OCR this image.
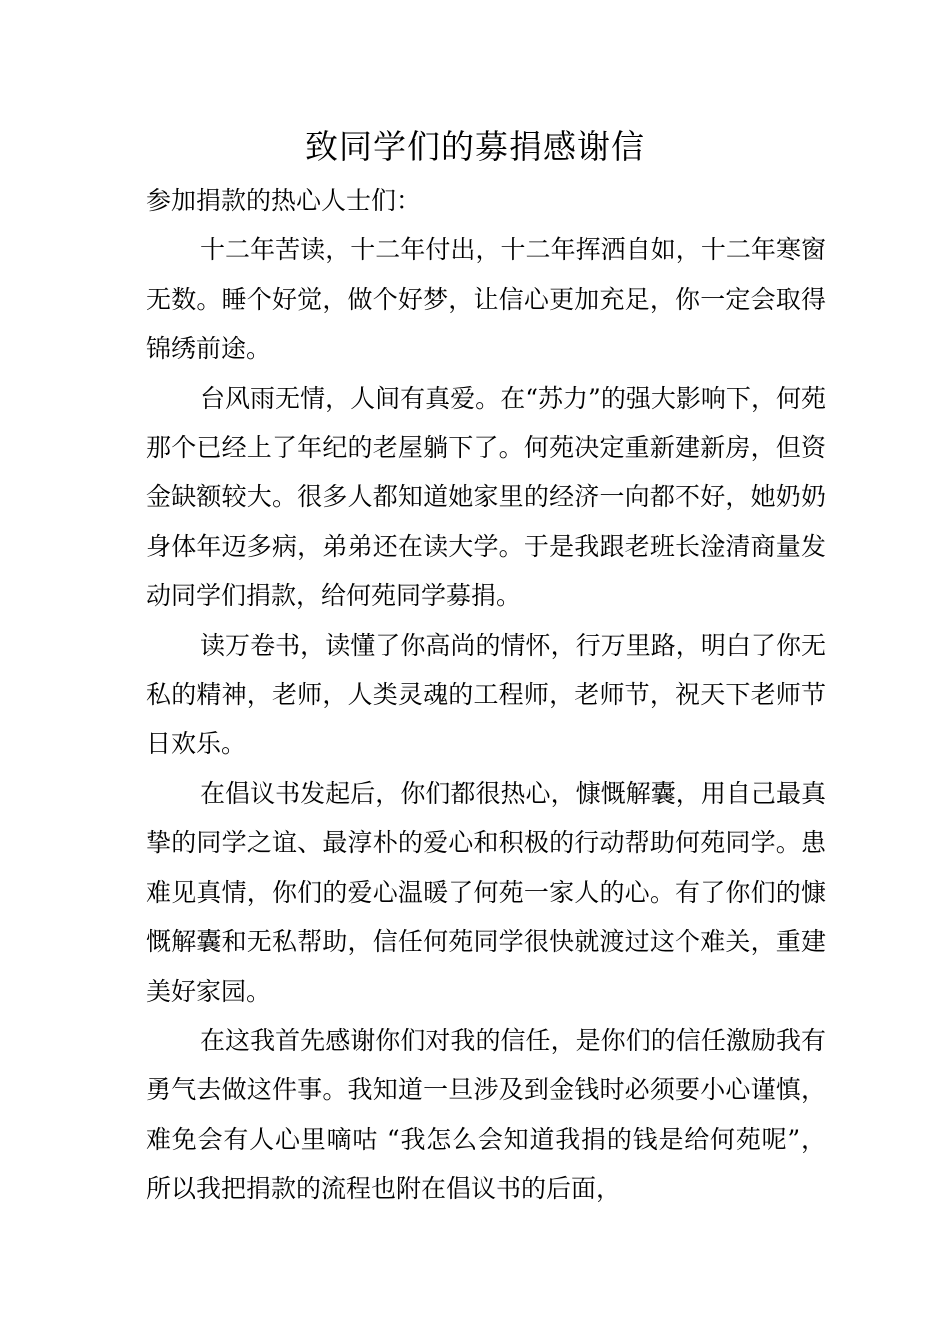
致同学们的募捐感谢信

参加捐款的热心人士们：

十二年苦读，十二年付出，十二年挥洒自如，十二年寒窗无数。睡个好觉，做个好梦，让信心更加充足，你一定会取得锦绣前途。

台风雨无情，人间有真爱。在“苏力”的强大影响下，何苑那个已经上了年纪的老屋躺下了。何苑决定重新建新房，但资金缺额较大。很多人都知道她家里的经济一向都不好，她奶奶身体年迈多病，弟弟还在读大学。于是我跟老班长淦清商量发动同学们捐款，给何苑同学募捐。

读万卷书，读懂了你高尚的情怀，行万里路，明白了你无私的精神，老师，人类灵魂的工程师，老师节，祝天下老师节日欢乐。

在倡议书发起后，你们都很热心，慷慨解囊，用自己最真挚的同学之谊、最淳朴的爱心和积极的行动帮助何苑同学。患难见真情，你们的爱心温暖了何苑一家人的心。有了你们的慷慨解囊和无私帮助，信任何苑同学很快就渡过这个难关，重建美好家园。

在这我首先感谢你们对我的信任，是你们的信任激励我有勇气去做这件事。我知道一旦涉及到金钱时必须要小心谨慎，难免会有人心里嘀咕 “我怎么会知道我捐的钱是给何苑呢”，所以我把捐款的流程也附在倡议书的后面，
